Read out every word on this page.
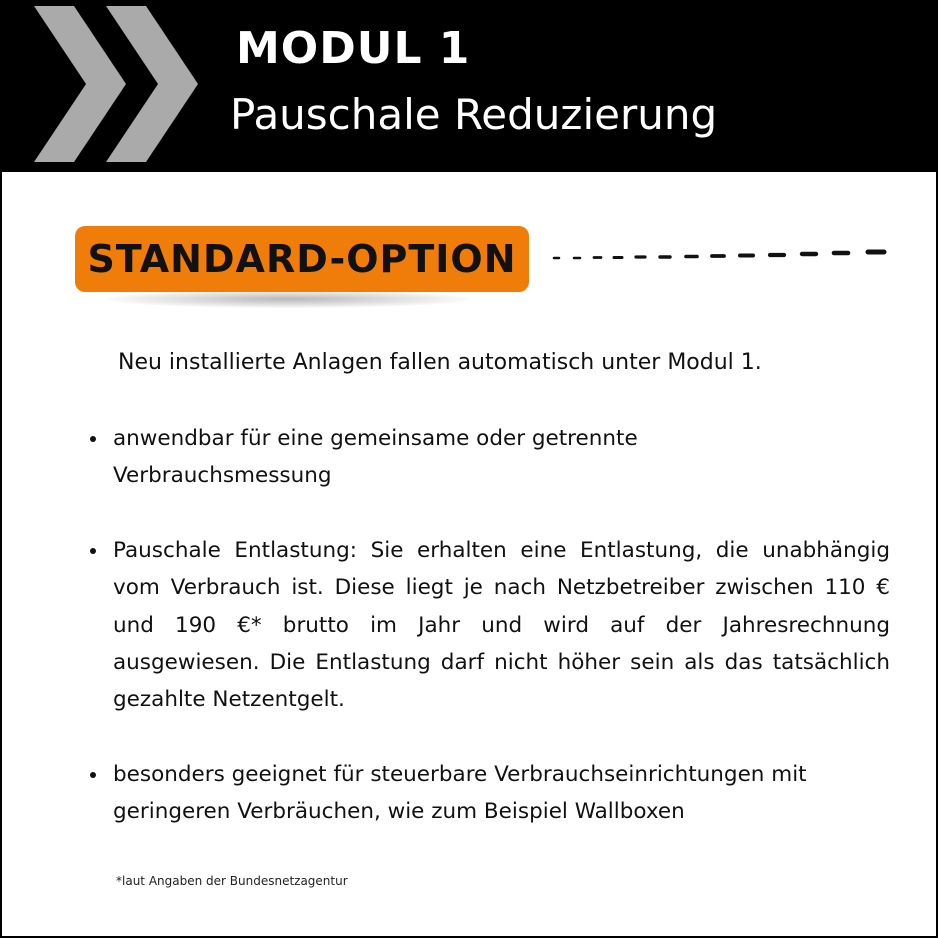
MODUL 1
Pauschale Reduzierung
STANDARD-OPTION
Neu installierte Anlagen fallen automatisch unter Modul 1.
anwendbar für eine gemeinsame oder getrennte Verbrauchsmessung
Pauschale Entlastung: Sie erhalten eine Entlastung, die unabhängig vom Verbrauch ist. Diese liegt je nach Netzbetreiber zwischen 110 € und 190 €* brutto im Jahr und wird auf der Jahresrechnung ausgewiesen. Die Entlastung darf nicht höher sein als das tatsächlich gezahlte Netzentgelt.
besonders geeignet für steuerbare Verbrauchseinrichtungen mit geringeren Verbräuchen, wie zum Beispiel Wallboxen
*laut Angaben der Bundesnetzagentur
